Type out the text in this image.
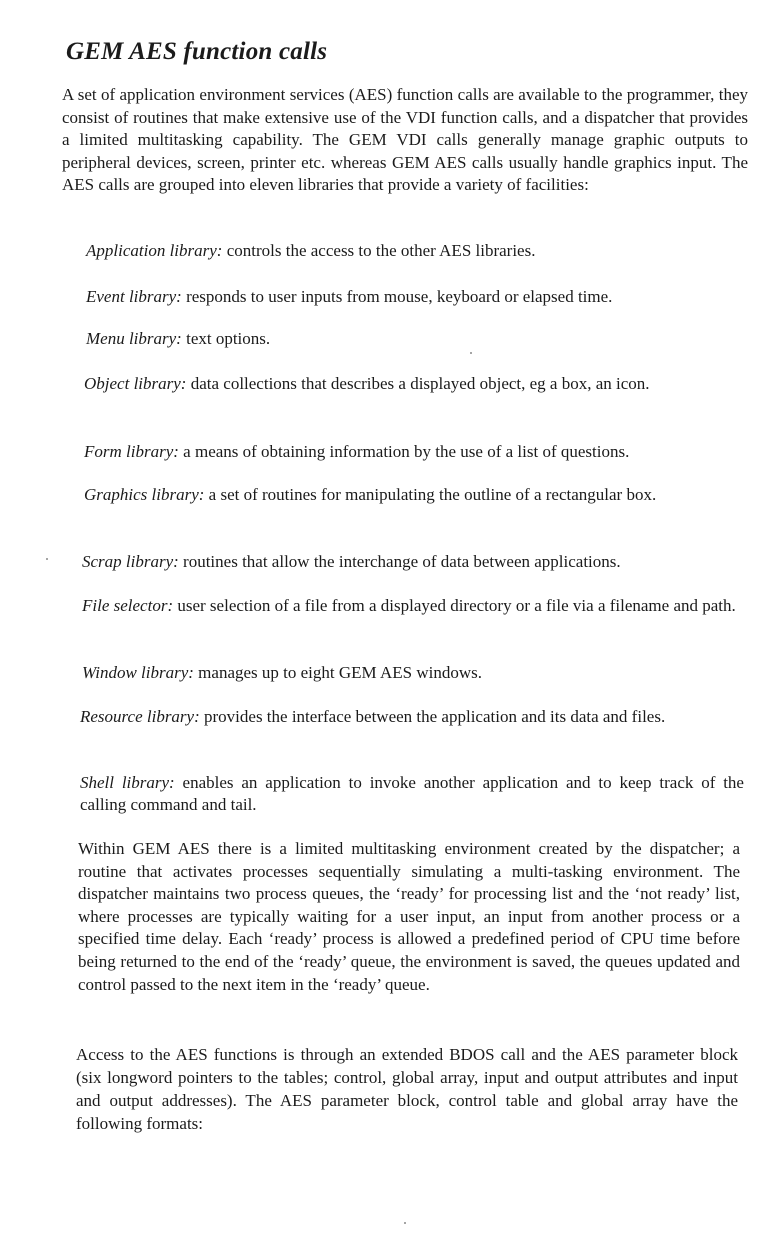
GEM AES function calls

A set of application environment services (AES) function calls are available to the programmer, they consist of routines that make extensive use of the VDI function calls, and a dispatcher that provides a limited multitasking capability. The GEM VDI calls generally manage graphic outputs to peripheral devices, screen, printer etc. whereas GEM AES calls usually handle graphics input. The AES calls are grouped into eleven libraries that provide a variety of facilities:

Application library: controls the access to the other AES libraries.

Event library: responds to user inputs from mouse, keyboard or elapsed time.

Menu library: text options.

Object library: data collections that describes a displayed object, eg a box, an icon.

Form library: a means of obtaining information by the use of a list of questions.

Graphics library: a set of routines for manipulating the outline of a rectangular box.

Scrap library: routines that allow the interchange of data between applications.

File selector: user selection of a file from a displayed directory or a file via a filename and path.

Window library: manages up to eight GEM AES windows.

Resource library: provides the interface between the application and its data and files.

Shell library: enables an application to invoke another application and to keep track of the calling command and tail.

Within GEM AES there is a limited multitasking environment created by the dispatcher; a routine that activates processes sequentially simulating a multi-tasking environment. The dispatcher maintains two process queues, the ‘ready’ for processing list and the ‘not ready’ list, where processes are typically waiting for a user input, an input from another process or a specified time delay. Each ‘ready’ process is allowed a predefined period of CPU time before being returned to the end of the ‘ready’ queue, the environment is saved, the queues updated and control passed to the next item in the ‘ready’ queue.

Access to the AES functions is through an extended BDOS call and the AES parameter block (six longword pointers to the tables; control, global array, input and output attributes and input and output addresses). The AES parameter block, control table and global array have the following formats:
